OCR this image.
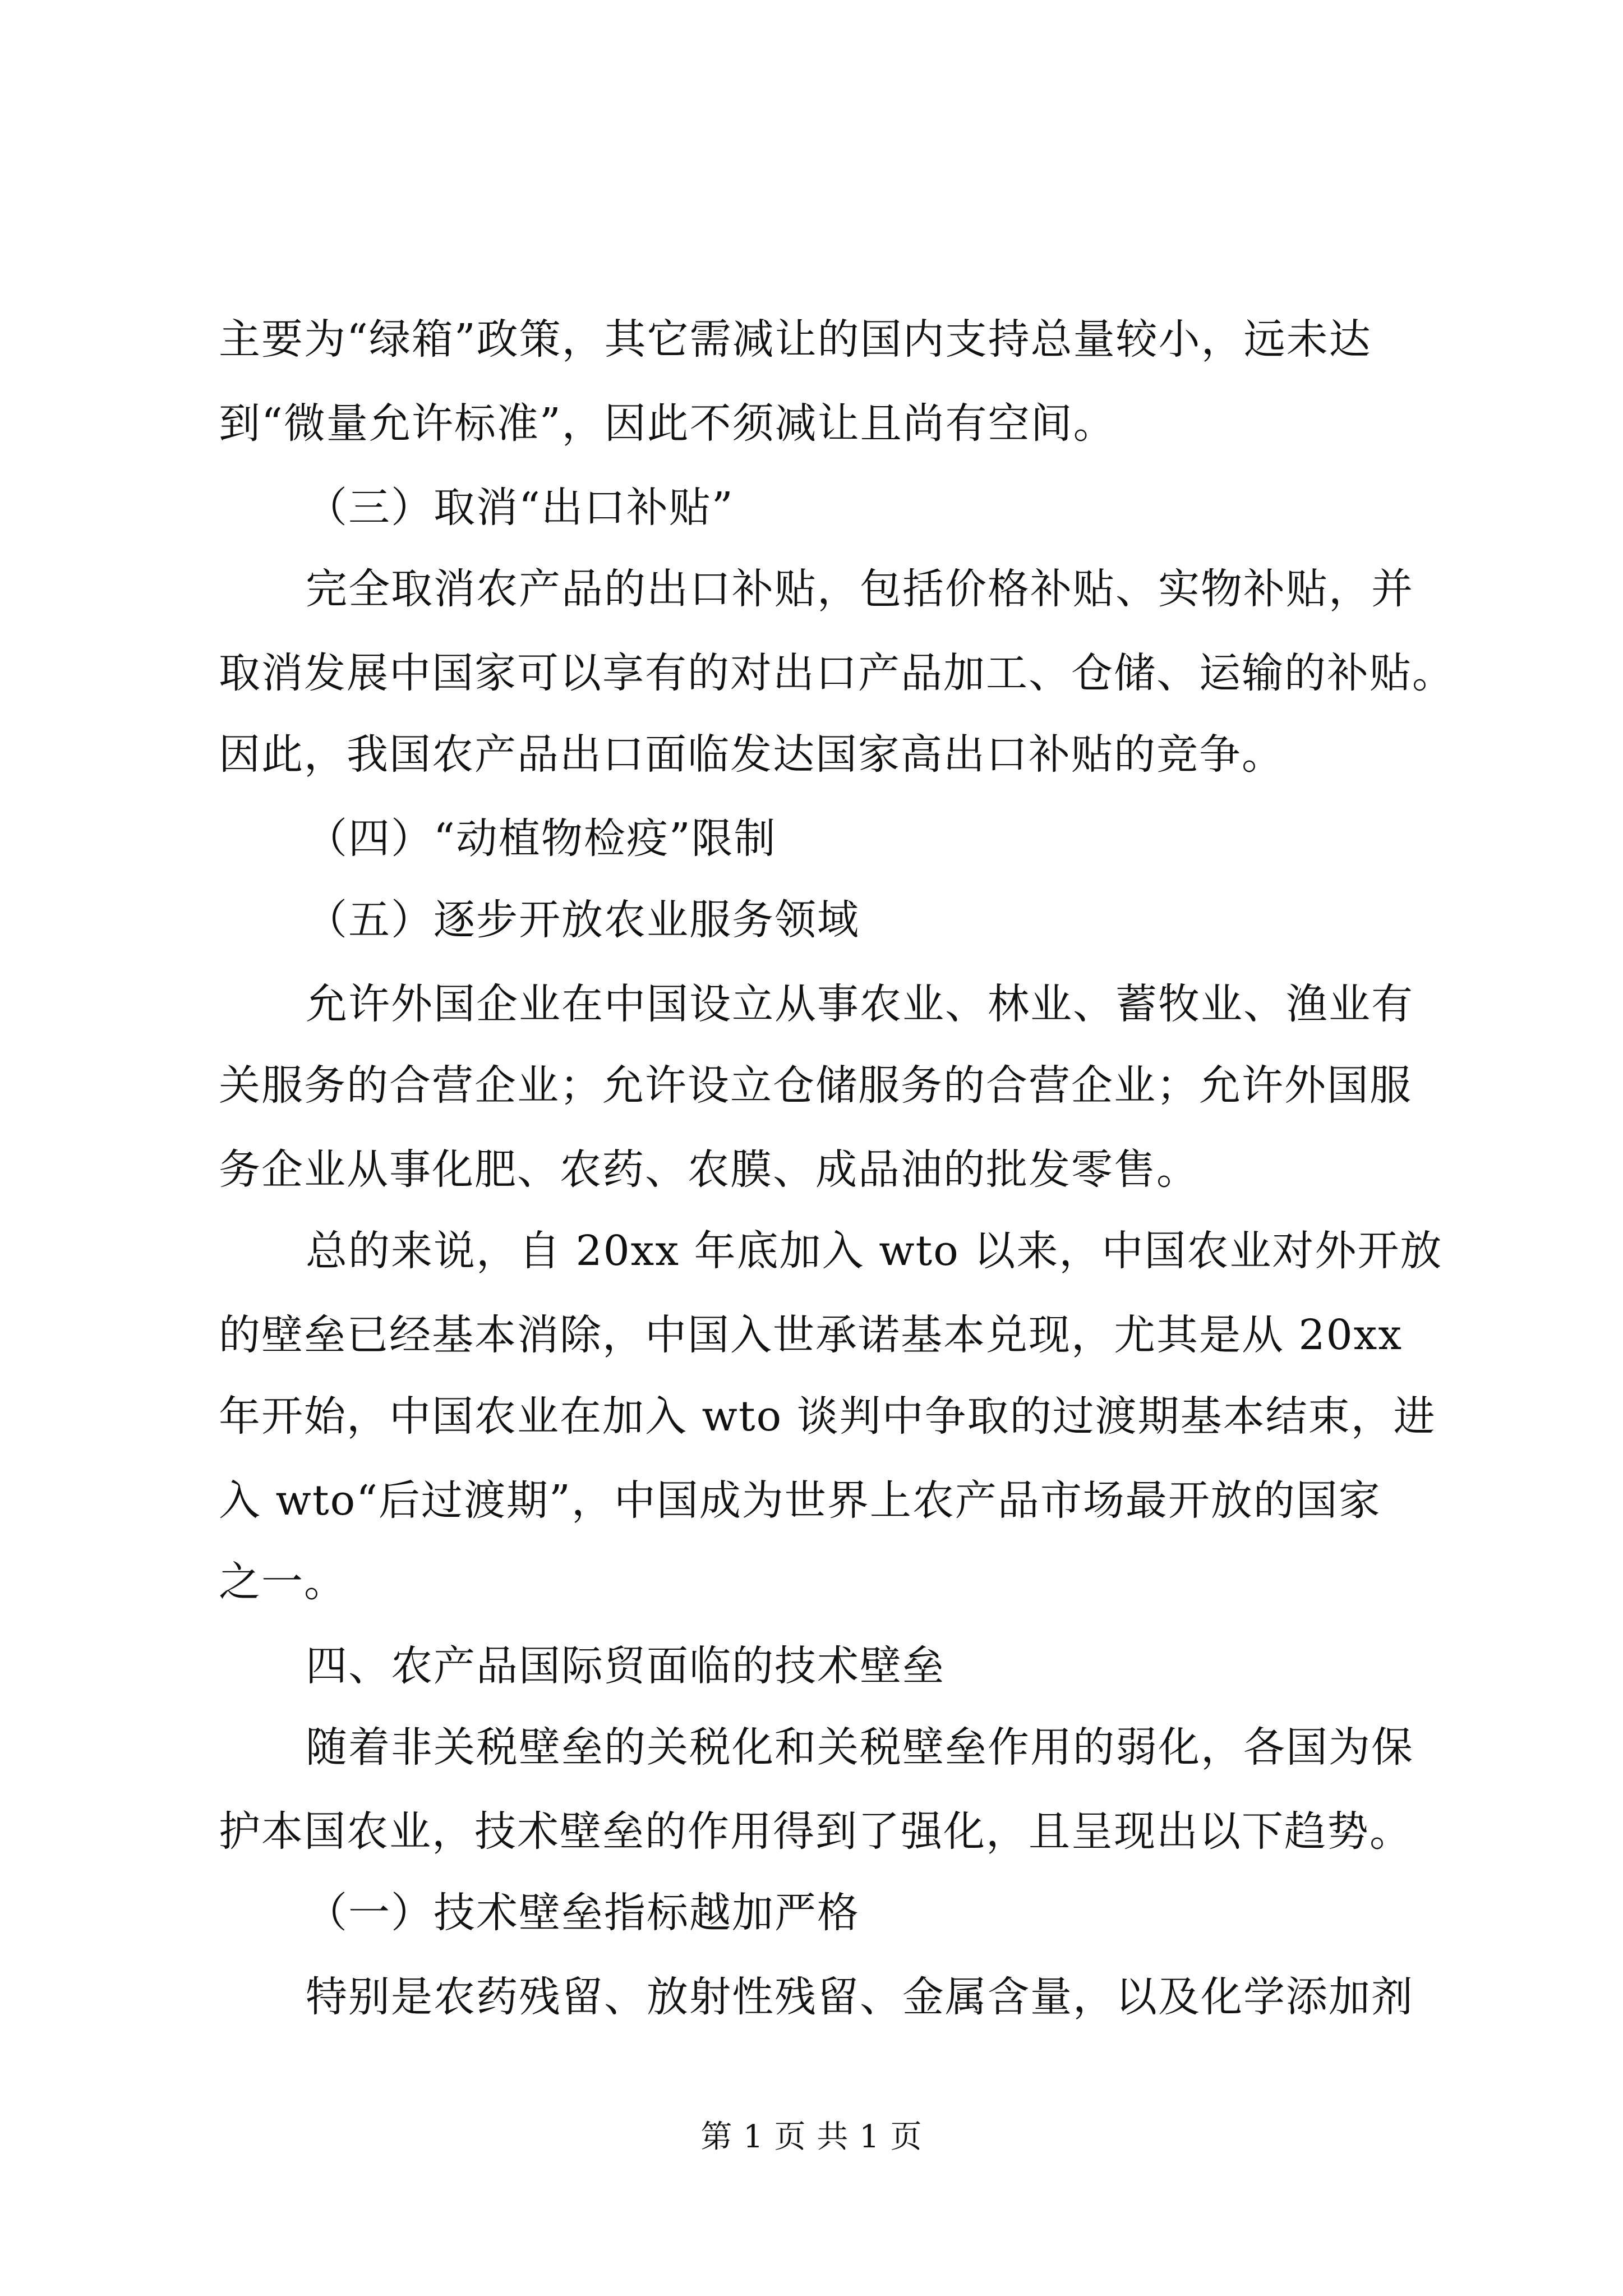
主要为“绿箱”政策，其它需减让的国内支持总量较小，远未达
到“微量允许标准”，因此不须减让且尚有空间。
（三）取消“出口补贴”
完全取消农产品的出口补贴，包括价格补贴、实物补贴，并
取消发展中国家可以享有的对出口产品加工、仓储、运输的补贴。
因此，我国农产品出口面临发达国家高出口补贴的竞争。
（四）“动植物检疫”限制
（五）逐步开放农业服务领域
允许外国企业在中国设立从事农业、林业、蓄牧业、渔业有
关服务的合营企业；允许设立仓储服务的合营企业；允许外国服
务企业从事化肥、农药、农膜、成品油的批发零售。
总的来说，自 20xx 年底加入 wto 以来，中国农业对外开放
的壁垒已经基本消除，中国入世承诺基本兑现，尤其是从 20xx
年开始，中国农业在加入 wto 谈判中争取的过渡期基本结束，进
入 wto“后过渡期”，中国成为世界上农产品市场最开放的国家
之一。
四、农产品国际贸面临的技术壁垒
随着非关税壁垒的关税化和关税壁垒作用的弱化，各国为保
护本国农业，技术壁垒的作用得到了强化，且呈现出以下趋势。
（一）技术壁垒指标越加严格
特别是农药残留、放射性残留、金属含量，以及化学添加剂
第 1 页 共 1 页
